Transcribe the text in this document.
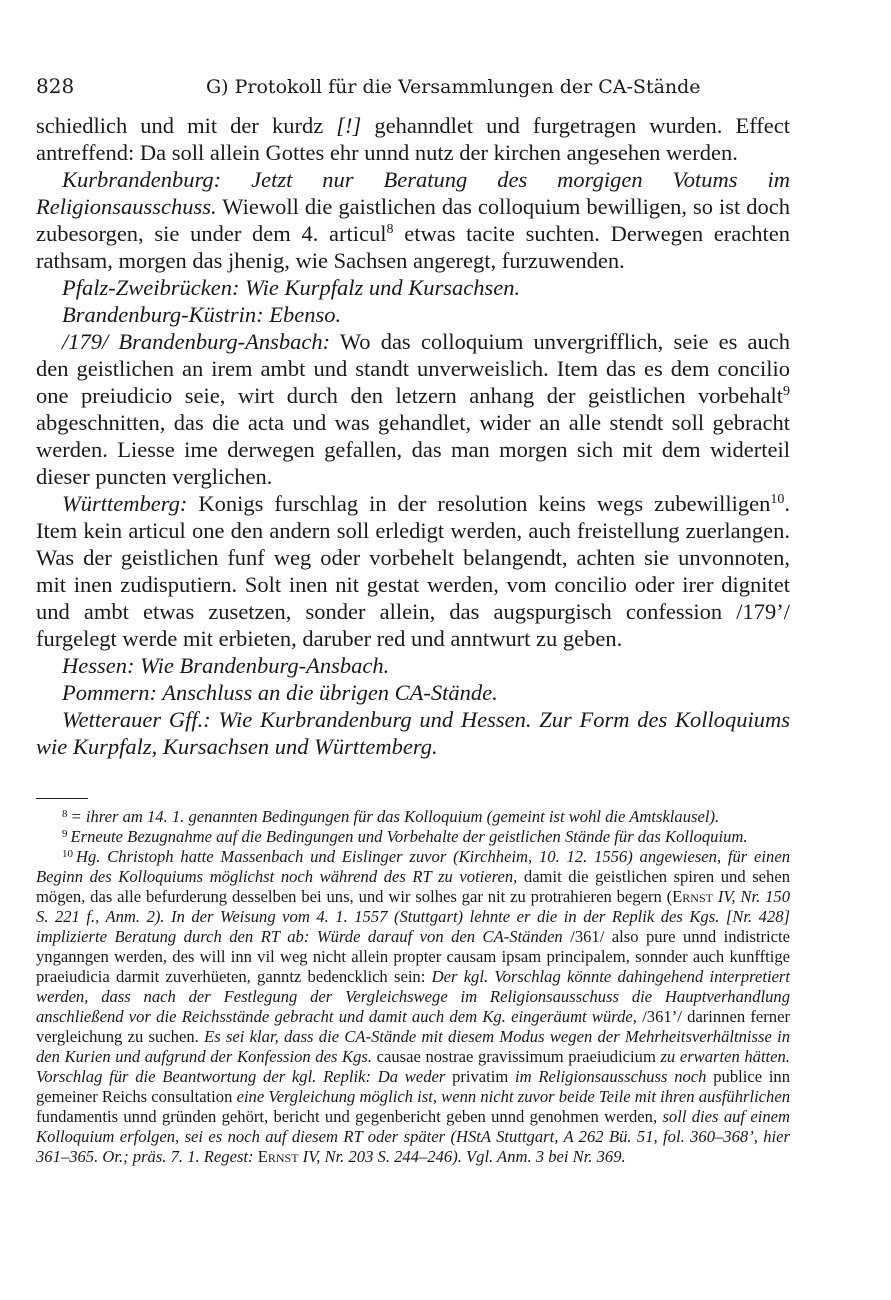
828	G) Protokoll für die Versammlungen der CA-Stände

schiedlich und mit der kurdz [!] gehanndlet und furgetragen wurden. Effect antreffend: Da soll allein Gottes ehr unnd nutz der kirchen angesehen werden.

Kurbrandenburg: Jetzt nur Beratung des morgigen Votums im Religionsausschuss. Wiewoll die gaistlichen das colloquium bewilligen, so ist doch zubesorgen, sie under dem 4. articul$^8$ etwas tacite suchten. Derwegen erachten rathsam, morgen das jhenig, wie Sachsen angeregt, furzuwenden.

Pfalz-Zweibrücken: Wie Kurpfalz und Kursachsen.

Brandenburg-Küstrin: Ebenso.

/179/ Brandenburg-Ansbach: Wo das colloquium unvergrifflich, seie es auch den geistlichen an irem ambt und standt unverweislich. Item das es dem concilio one preiudicio seie, wirt durch den letzern anhang der geistlichen vorbehalt$^9$ abgeschnitten, das die acta und was gehandlet, wider an alle stendt soll gebracht werden. Liesse ime derwegen gefallen, das man morgen sich mit dem widerteil dieser puncten verglichen.

Württemberg: Konigs furschlag in der resolution keins wegs zubewilligen$^{10}$. Item kein articul one den andern soll erledigt werden, auch freistellung zuerlangen. Was der geistlichen funf weg oder vorbehelt belangendt, achten sie unvonnoten, mit inen zudisputiern. Solt inen nit gestat werden, vom concilio oder irer dignitet und ambt etwas zusetzen, sonder allein, das augspurgisch confession /179’/ furgelegt werde mit erbieten, daruber red und anntwurt zu geben.

Hessen: Wie Brandenburg-Ansbach.

Pommern: Anschluss an die übrigen CA-Stände.

Wetterauer Gff.: Wie Kurbrandenburg und Hessen. Zur Form des Kolloquiums wie Kurpfalz, Kursachsen und Württemberg.

$^8$ = ihrer am 14. 1. genannten Bedingungen für das Kolloquium (gemeint ist wohl die Amtsklausel).

$^9$ Erneute Bezugnahme auf die Bedingungen und Vorbehalte der geistlichen Stände für das Kolloquium.

$^{10}$ Hg. Christoph hatte Massenbach und Eislinger zuvor (Kirchheim, 10. 12. 1556) angewiesen, für einen Beginn des Kolloquiums möglichst noch während des RT zu votieren, damit die geistlichen spiren und sehen mögen, das alle befurderung desselben bei uns, und wir solhes gar nit zu protrahieren begern (Ernst IV, Nr. 150 S. 221 f., Anm. 2). In der Weisung vom 4. 1. 1557 (Stuttgart) lehnte er die in der Replik des Kgs. [Nr. 428] implizierte Beratung durch den RT ab: Würde darauf von den CA-Ständen /361/ also pure unnd indistricte ynganngen werden, des will inn vil weg nicht allein propter causam ipsam principalem, sonnder auch kunfftige praeiudicia darmit zuverhüeten, ganntz bedencklich sein: Der kgl. Vorschlag könnte dahingehend interpretiert werden, dass nach der Festlegung der Vergleichswege im Religionsausschuss die Hauptverhandlung anschließend vor die Reichsstände gebracht und damit auch dem Kg. eingeräumt würde, /361’/ darinnen ferner vergleichung zu suchen. Es sei klar, dass die CA-Stände mit diesem Modus wegen der Mehrheitsverhältnisse in den Kurien und aufgrund der Konfession des Kgs. causae nostrae gravissimum praeiudicium zu erwarten hätten. Vorschlag für die Beantwortung der kgl. Replik: Da weder privatim im Religionsausschuss noch publice inn gemeiner Reichs consultation eine Vergleichung möglich ist, wenn nicht zuvor beide Teile mit ihren ausführlichen fundamentis unnd gründen gehört, bericht und gegenbericht geben unnd genohmen werden, soll dies auf einem Kolloquium erfolgen, sei es noch auf diesem RT oder später (HStA Stuttgart, A 262 Bü. 51, fol. 360–368’, hier 361–365. Or.; präs. 7. 1. Regest: Ernst IV, Nr. 203 S. 244–246). Vgl. Anm. 3 bei Nr. 369.
